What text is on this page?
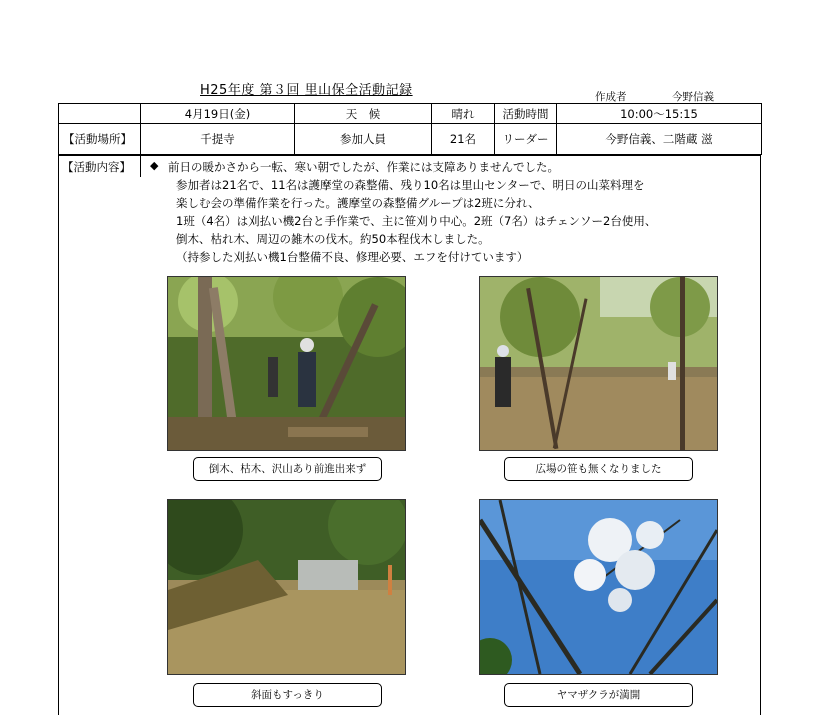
H25年度 第３回 里山保全活動記録	作成者	今野信義
	4月19日(金)	天　候	晴れ	活動時間	10:00～15:15
【活動場所】	千提寺	参加人員	21名	リーダー	今野信義、二階蔵 滋
【活動内容】 ◆ 前日の暖かさから一転、寒い朝でしたが、作業には支障ありませんでした。
参加者は21名で、11名は護摩堂の森整備、残り10名は里山センターで、明日の山菜料理を
楽しむ会の準備作業を行った。護摩堂の森整備グループは2班に分れ、
1班（4名）は刈払い機2台と手作業で、主に笹刈り中心。2班（7名）はチェンソー2台使用、
倒木、枯れ木、周辺の雑木の伐木。約50本程伐木しました。
（持参した刈払い機1台整備不良、修理必要、エフを付けています）
倒木、枯木、沢山あり前進出来ず	広場の笹も無くなりました
斜面もすっきり	ヤマザクラが満開
